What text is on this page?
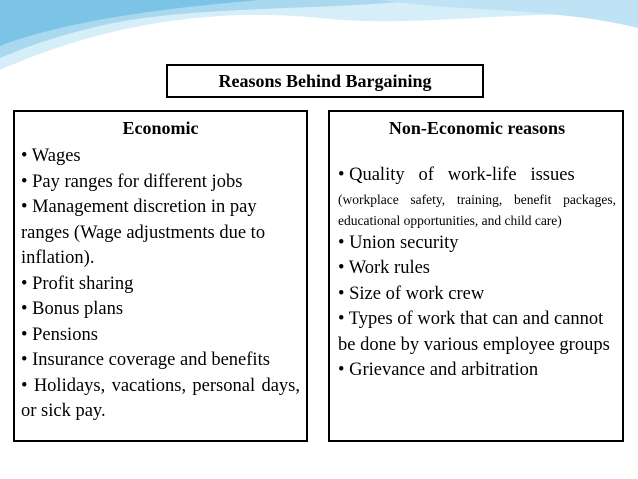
Reasons Behind Bargaining
Economic
• Wages
• Pay ranges for different jobs
• Management discretion in pay ranges (Wage adjustments due to inflation).
• Profit sharing
• Bonus plans
• Pensions
• Insurance coverage and benefits
• Holidays, vacations, personal days, or sick pay.
Non-Economic reasons
• Quality   of   work-life   issues
(workplace safety, training, benefit packages, educational opportunities, and child care)
• Union security
• Work rules
• Size of work crew
• Types of work that can and cannot be done by various employee groups
• Grievance and arbitration
